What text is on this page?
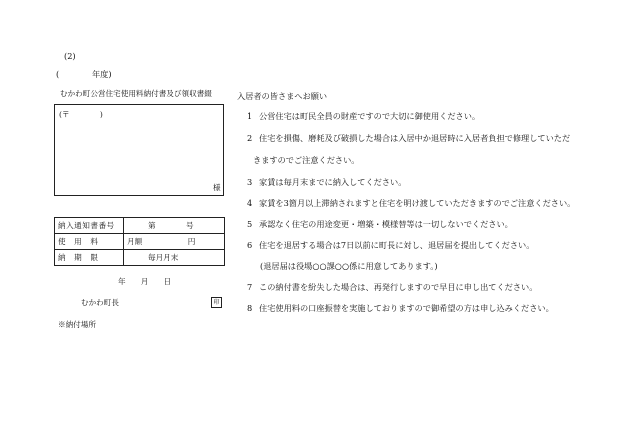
(2)
(　　　　年度)
むかわ町公営住宅使用料納付書及び領収書綴
(〒　　　　)
様
納入通知書番号	第　　　　号
使　用　料	月額　　　　　　円
納　期　限	毎月月末
年　　月　　日
むかわ町長	印
※納付場所
入居者の皆さまへお願い
1 公営住宅は町民全員の財産ですので大切に御使用ください。
2 住宅を損傷、磨耗及び破損した場合は入居中か退居時に入居者負担で修理していただ
きますのでご注意ください。
3 家賃は毎月末までに納入してください。
4 家賃を3箇月以上滞納されますと住宅を明け渡していただきますのでご注意ください。
5 承認なく住宅の用途変更・増築・模様替等は一切しないでください。
6 住宅を退居する場合は7日以前に町長に対し、退居届を提出してください。
(退居届は役場○○課○○係に用意してあります。)
7 この納付書を紛失した場合は、再発行しますので早目に申し出てください。
8 住宅使用料の口座振替を実施しておりますので御希望の方は申し込みください。
